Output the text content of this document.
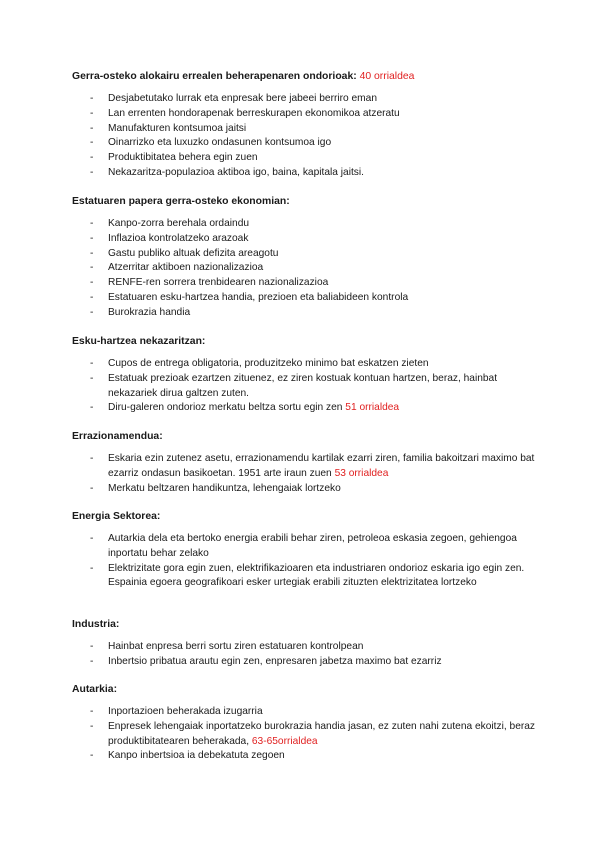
Gerra-osteko alokairu errealen beherapenaren ondorioak: 40 orrialdea
- Desjabetutako lurrak eta enpresak bere jabeei berriro eman
- Lan errenten hondorapenak berreskurapen ekonomikoa atzeratu
- Manufakturen kontsumoa jaitsi
- Oinarrizko eta luxuzko ondasunen kontsumoa igo
- Produktibitatea behera egin zuen
- Nekazaritza-populazioa aktiboa igo, baina, kapitala jaitsi.
Estatuaren papera gerra-osteko ekonomian:
- Kanpo-zorra berehala ordaindu
- Inflazioa kontrolatzeko arazoak
- Gastu publiko altuak defizita areagotu
- Atzerritar aktiboen nazionalizazioa
- RENFE-ren sorrera trenbidearen nazionalizazioa
- Estatuaren esku-hartzea handia, prezioen eta baliabideen kontrola
- Burokrazia handia
Esku-hartzea nekazaritzan:
- Cupos de entrega obligatoria, produzitzeko minimo bat eskatzen zieten
- Estatuak prezioak ezartzen zituenez, ez ziren kostuak kontuan hartzen, beraz, hainbat nekazariek dirua galtzen zuten.
- Diru-galeren ondorioz merkatu beltza sortu egin zen 51 orrialdea
Errazionamendua:
- Eskaria ezin zutenez asetu, errazionamendu kartilak ezarri ziren, familia bakoitzari maximo bat ezarriz ondasun basikoetan. 1951 arte iraun zuen 53 orrialdea
- Merkatu beltzaren handikuntza, lehengaiak lortzeko
Energia Sektorea:
- Autarkia dela eta bertoko energia erabili behar ziren, petroleoa eskasia zegoen, gehiengoa inportatu behar zelako
- Elektrizitate gora egin zuen, elektrifikazioaren eta industriaren ondorioz eskaria igo egin zen. Espainia egoera geografikoari esker urtegiak erabili zituzten elektrizitatea lortzeko
Industria:
- Hainbat enpresa berri sortu ziren estatuaren kontrolpean
- Inbertsio pribatua arautu egin zen, enpresaren jabetza maximo bat ezarriz
Autarkia:
- Inportazioen beherakada izugarria
- Enpresek lehengaiak inportatzeko burokrazia handia jasan, ez zuten nahi zutena ekoitzi, beraz produktibitatearen beherakada, 63-65orrialdea
- Kanpo inbertsioa ia debekatuta zegoen
